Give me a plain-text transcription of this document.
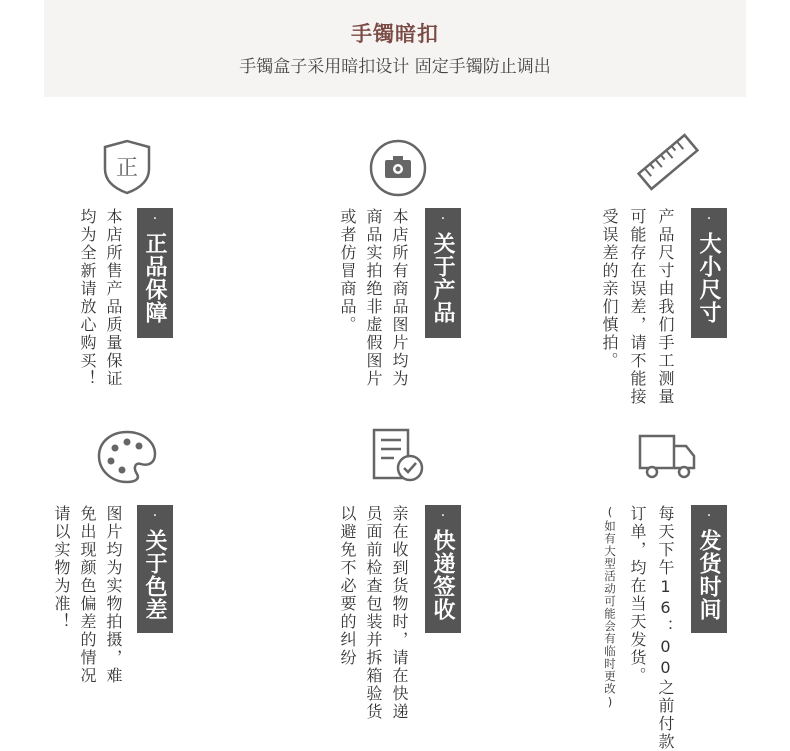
手镯暗扣
手镯盒子采用暗扣设计 固定手镯防止调出
正
·
正品保障
本店所售产品质量保证
均为全新请放心购买！	·
关于产品
本店所有商品图片均为
商品实拍绝非虚假图片
或者仿冒商品。	·
大小尺寸
产品尺寸由我们手工测量
可能存在误差，请不能接
受误差的亲们慎拍。
·
关于色差
图片均为实物拍摄，难
免出现颜色偏差的情况
请以实物为准！	·
快递签收
亲在收到货物时，请在快递
员面前检查包装并拆箱验货
以避免不必要的纠纷	·
发货时间
每天下午16：00之前付款
订单，均在当天发货。
(如有大型活动可能会有临时更改)
